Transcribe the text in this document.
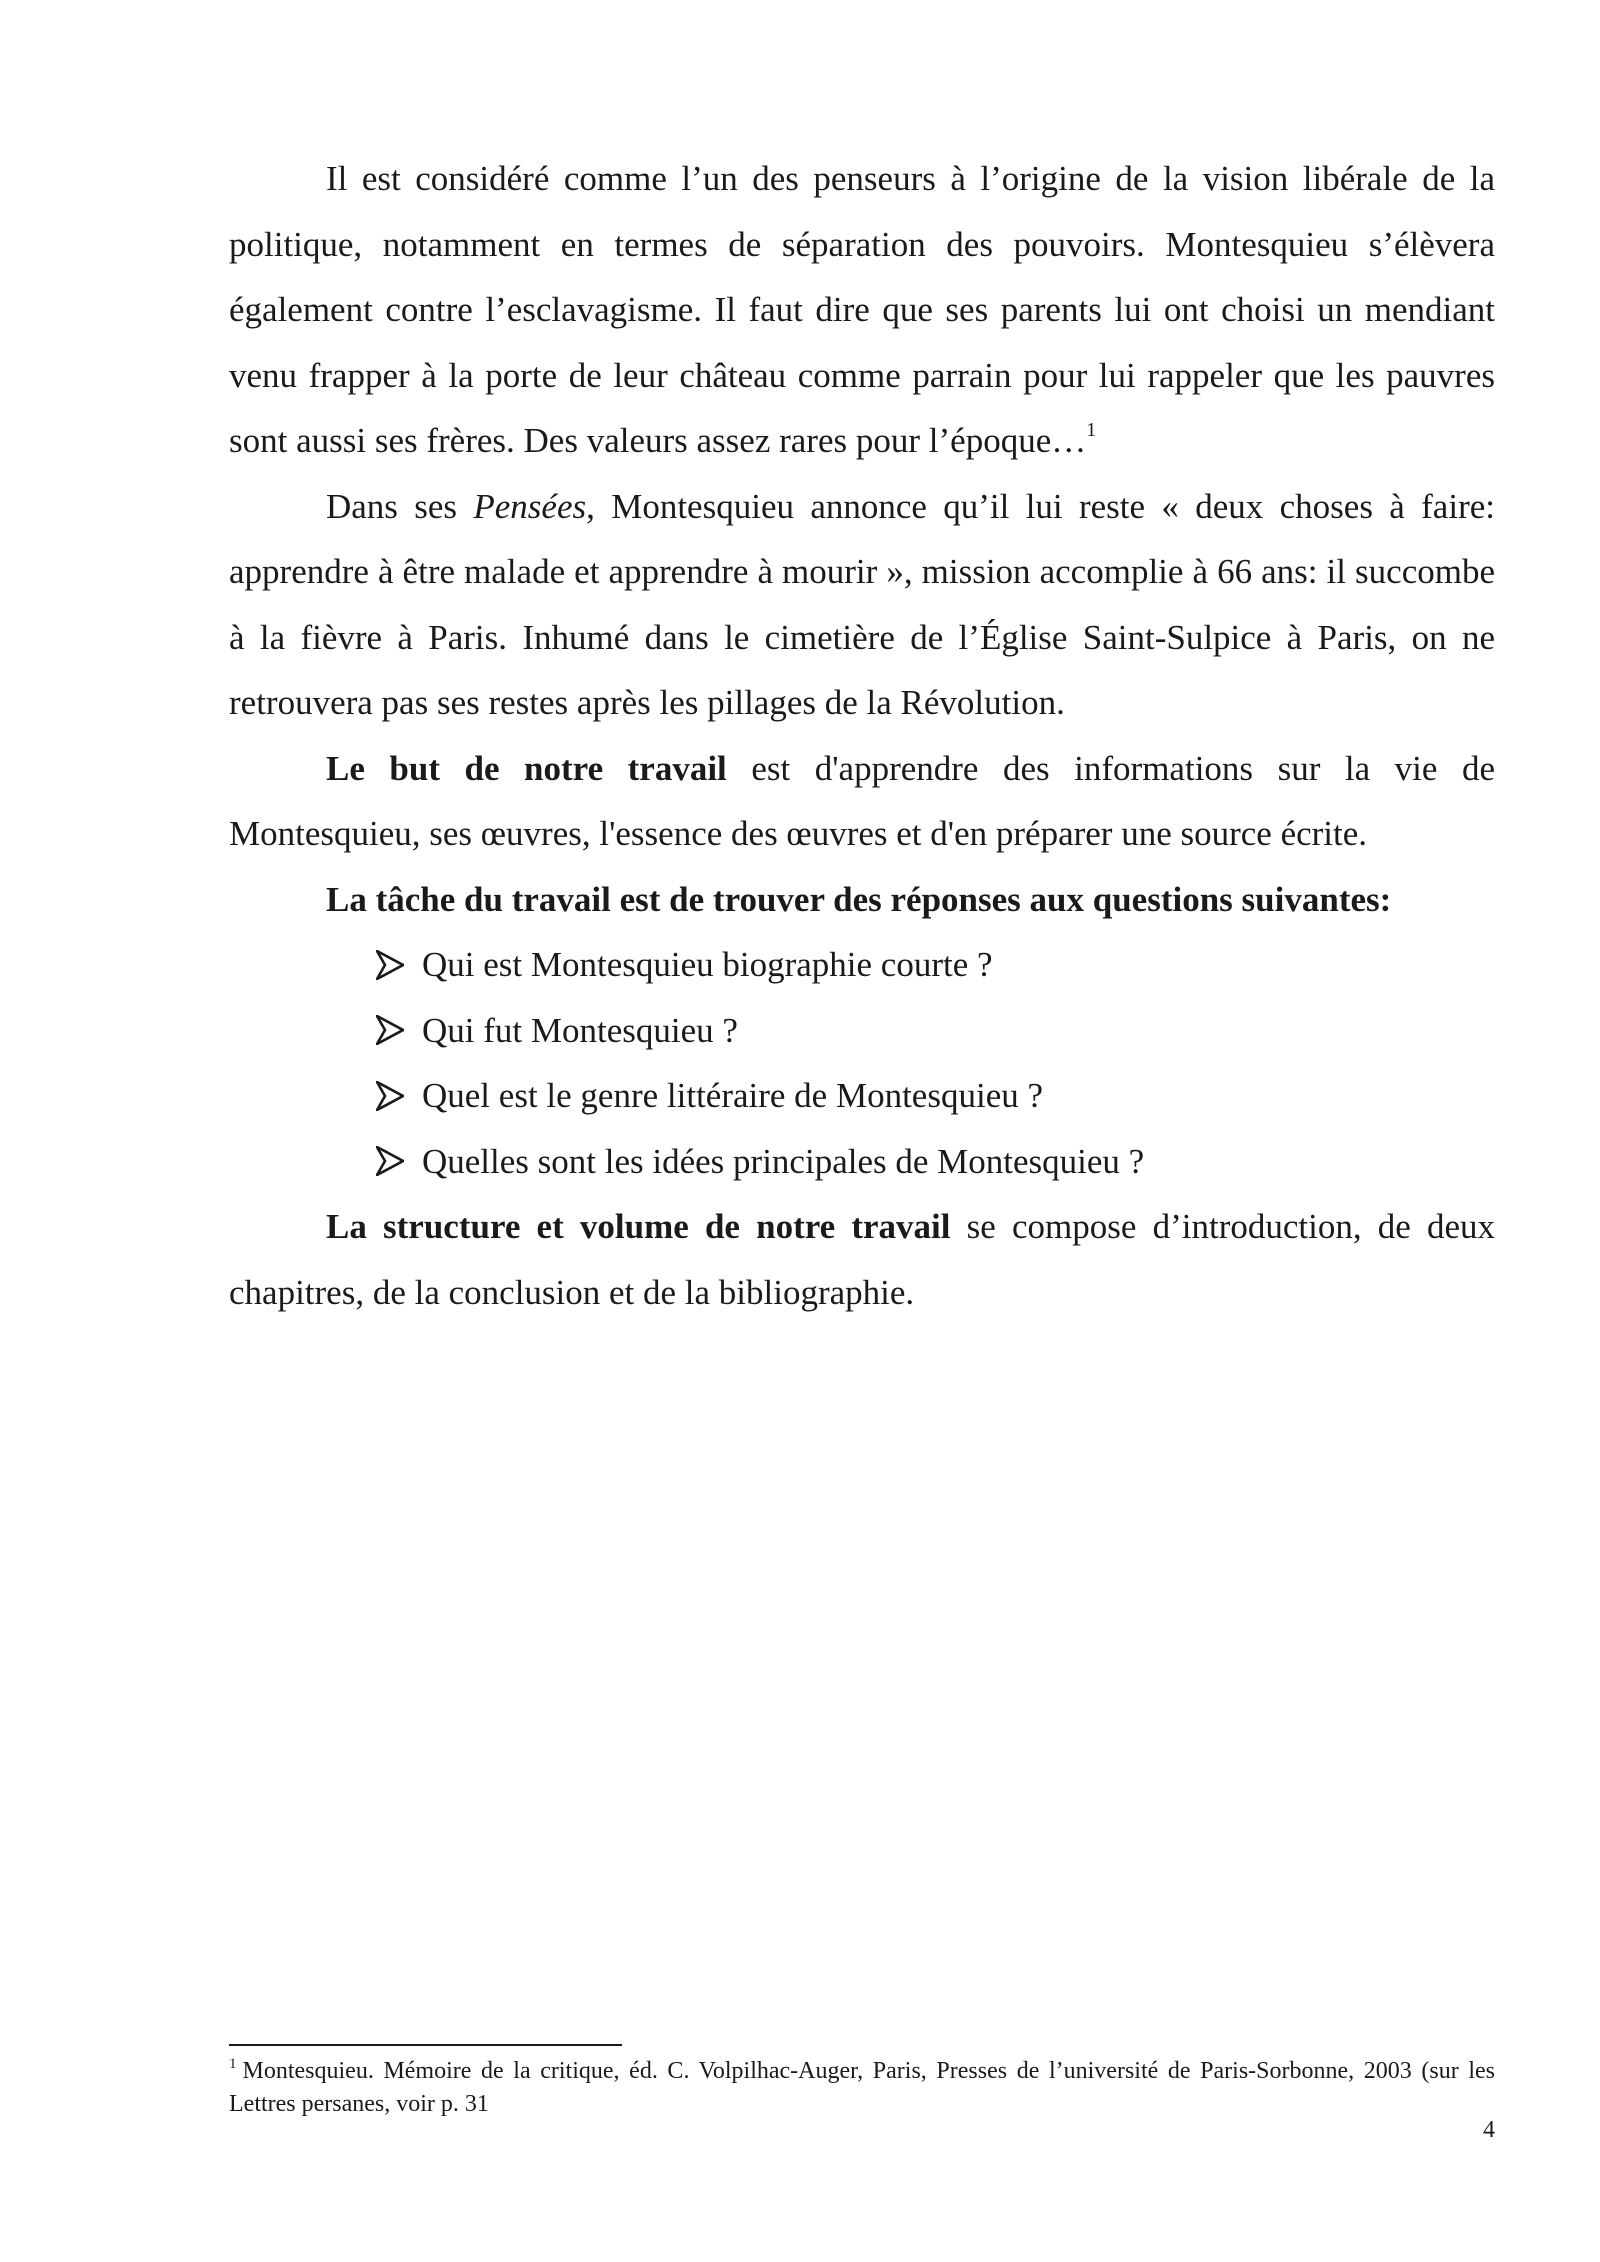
Il est considéré comme l’un des penseurs à l’origine de la vision libérale de la politique, notamment en termes de séparation des pouvoirs. Montesquieu s’élèvera également contre l’esclavagisme. Il faut dire que ses parents lui ont choisi un mendiant venu frapper à la porte de leur château comme parrain pour lui rappeler que les pauvres sont aussi ses frères. Des valeurs assez rares pour l’époque…$^1$

Dans ses Pensées, Montesquieu annonce qu’il lui reste « deux choses à faire: apprendre à être malade et apprendre à mourir », mission accomplie à 66 ans: il succombe à la fièvre à Paris. Inhumé dans le cimetière de l’Église Saint-Sulpice à Paris, on ne retrouvera pas ses restes après les pillages de la Révolution.

Le but de notre travail est d'apprendre des informations sur la vie de Montesquieu, ses œuvres, l'essence des œuvres et d'en préparer une source écrite.

La tâche du travail est de trouver des réponses aux questions suivantes:

Qui est Montesquieu biographie courte ?
Qui fut Montesquieu ?
Quel est le genre littéraire de Montesquieu ?
Quelles sont les idées principales de Montesquieu ?

La structure et volume de notre travail se compose d’introduction, de deux chapitres, de la conclusion et de la bibliographie.

$^1$ Montesquieu. Mémoire de la critique, éd. C. Volpilhac-Auger, Paris, Presses de l’université de Paris-Sorbonne, 2003 (sur les Lettres persanes, voir p. 31

4
